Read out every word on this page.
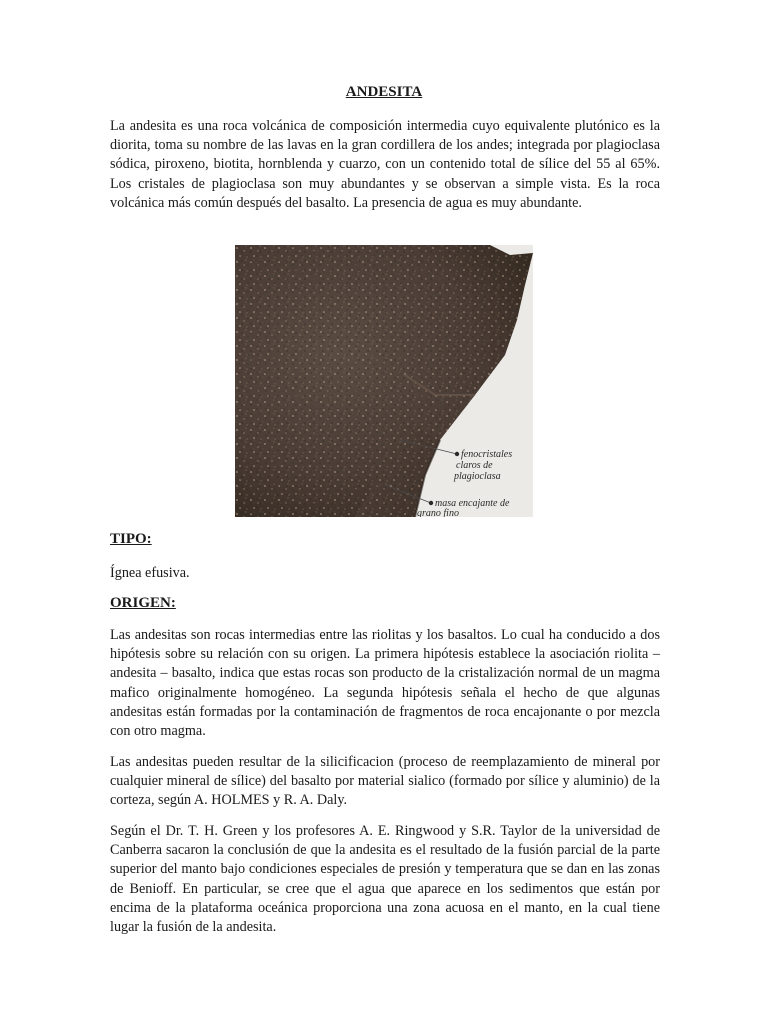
ANDESITA

La andesita es una roca volcánica de composición intermedia cuyo equivalente plutónico es la diorita, toma su nombre de las lavas en la gran cordillera de los andes; integrada por plagioclasa sódica, piroxeno, biotita, hornblenda y cuarzo, con un contenido total de sílice del 55 al 65%. Los cristales de plagioclasa son muy abundantes y se observan a simple vista. Es la roca volcánica más común después del basalto. La presencia de agua es muy abundante.

fenocristales
claros de
plagioclasa
masa encajante de
grano fino

TIPO:

Ígnea efusiva.

ORIGEN:

Las andesitas son rocas intermedias entre las riolitas y los basaltos. Lo cual ha conducido a dos hipótesis sobre su relación con su origen. La primera hipótesis establece la asociación riolita – andesita – basalto, indica que estas rocas son producto de la cristalización normal de un magma mafico originalmente homogéneo. La segunda hipótesis señala el hecho de que algunas andesitas están formadas por la contaminación de fragmentos de roca encajonante o por mezcla con otro magma.

Las andesitas pueden resultar de la silicificacion (proceso de reemplazamiento de mineral por cualquier mineral de sílice) del basalto por material sialico (formado por sílice y aluminio) de la corteza, según A. HOLMES y R. A. Daly.

Según el Dr. T. H. Green y los profesores A. E. Ringwood y S.R. Taylor de la universidad de Canberra sacaron la conclusión de que la andesita es el resultado de la fusión parcial de la parte superior del manto bajo condiciones especiales de presión y temperatura que se dan en las zonas de Benioff. En particular, se cree que el agua que aparece en los sedimentos que están por encima de la plataforma oceánica proporciona una zona acuosa en el manto, en la cual tiene lugar la fusión de la andesita.
